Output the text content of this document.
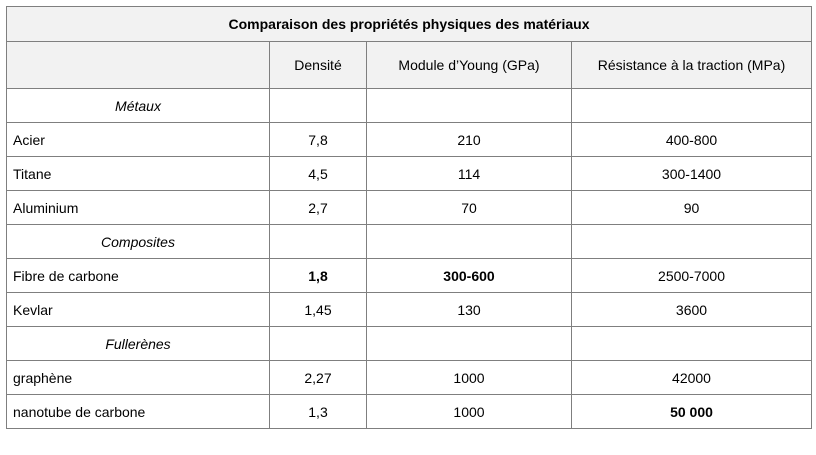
Comparaison des propriétés physiques des matériaux			
	Densité	Module d’Young (GPa)	Résistance à la traction (MPa)
Métaux			
Acier	7,8	210	400-800
Titane	4,5	114	300-1400
Aluminium	2,7	70	90
Composites			
Fibre de carbone	1,8	300-600	2500-7000
Kevlar	1,45	130	3600
Fullerènes			
graphène	2,27	1000	42000
nanotube de carbone	1,3	1000	50 000
